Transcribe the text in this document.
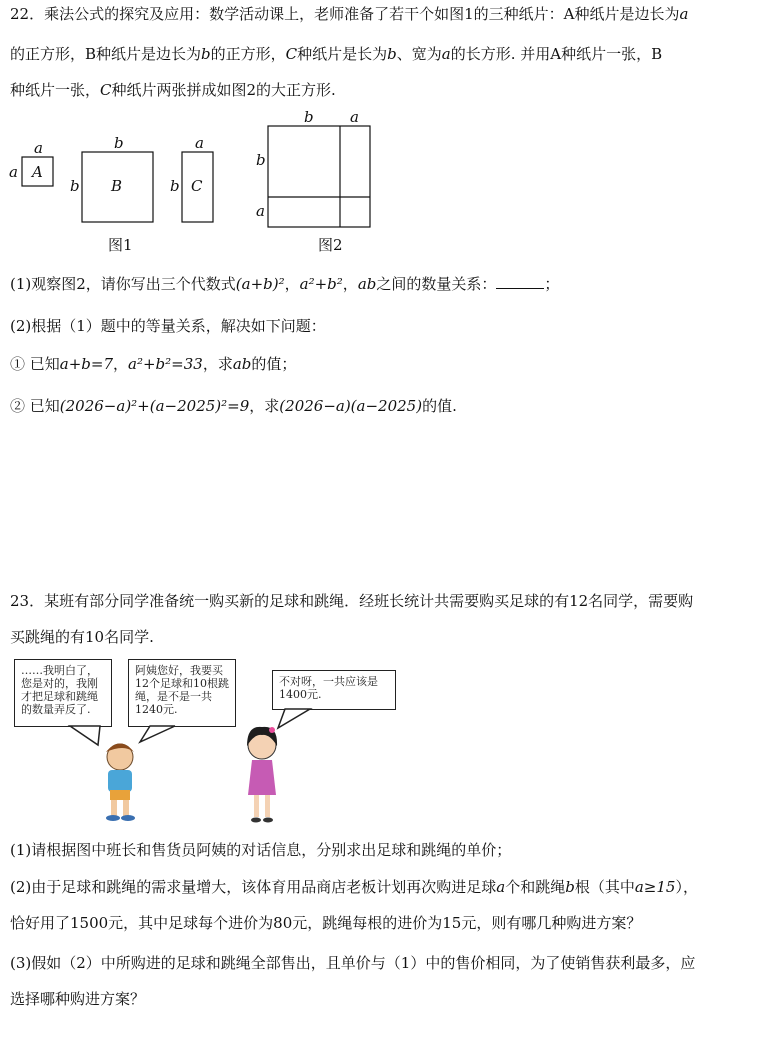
22．乘法公式的探究及应用：数学活动课上，老师准备了若干个如图1的三种纸片：A种纸片是边长为a
的正方形，B种纸片是边长为b的正方形，C种纸片是长为b、宽为a的长方形. 并用A种纸片一张，B
种纸片一张，C种纸片两张拼成如图2的大正方形.
a
a A
b
b B
a
b C
b a
b
a
图1	图2
(1)观察图2，请你写出三个代数式(a+b)²，a²+b²，ab之间的数量关系：	；
(2)根据（1）题中的等量关系，解决如下问题：
① 已知a+b=7，a²+b²=33，求ab的值；
② 已知(2026−a)²+(a−2025)²=9，求(2026−a)(a−2025)的值.
23．某班有部分同学准备统一购买新的足球和跳绳．经班长统计共需要购买足球的有12名同学，需要购
买跳绳的有10名同学.
……我明白了，您是对的，我刚才把足球和跳绳的数量弄反了.
阿姨您好，我要买12个足球和10根跳绳，是不是一共1240元.
不对呀，一共应该是1400元.
(1)请根据图中班长和售货员阿姨的对话信息，分别求出足球和跳绳的单价；
(2)由于足球和跳绳的需求量增大，该体育用品商店老板计划再次购进足球a个和跳绳b根（其中a≥15），
恰好用了1500元，其中足球每个进价为80元，跳绳每根的进价为15元，则有哪几种购进方案？
(3)假如（2）中所购进的足球和跳绳全部售出，且单价与（1）中的售价相同，为了使销售获利最多，应
选择哪种购进方案？
